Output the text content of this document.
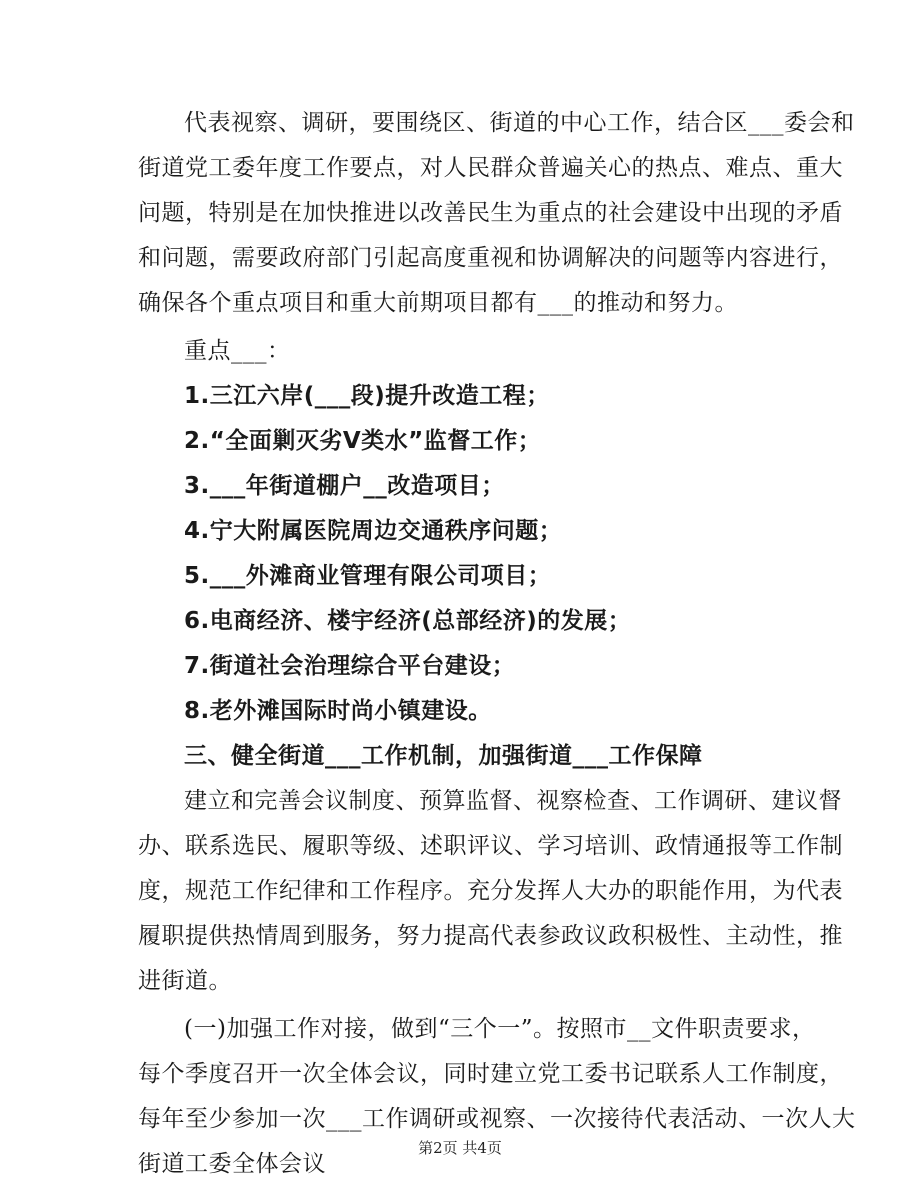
代表视察、调研，要围绕区、街道的中心工作，结合区___委会和
街道党工委年度工作要点，对人民群众普遍关心的热点、难点、重大
问题，特别是在加快推进以改善民生为重点的社会建设中出现的矛盾
和问题，需要政府部门引起高度重视和协调解决的问题等内容进行，
确保各个重点项目和重大前期项目都有___的推动和努力。
重点___：
1.三江六岸(___段)提升改造工程；
2.“全面剿灭劣V类水”监督工作；
3.___年街道棚户__改造项目；
4.宁大附属医院周边交通秩序问题；
5.___外滩商业管理有限公司项目；
6.电商经济、楼宇经济(总部经济)的发展；
7.街道社会治理综合平台建设；
8.老外滩国际时尚小镇建设。
三、健全街道___工作机制，加强街道___工作保障
建立和完善会议制度、预算监督、视察检查、工作调研、建议督
办、联系选民、履职等级、述职评议、学习培训、政情通报等工作制
度，规范工作纪律和工作程序。充分发挥人大办的职能作用，为代表
履职提供热情周到服务，努力提高代表参政议政积极性、主动性，推
进街道。
第2页 共4页
(一)加强工作对接，做到“三个一”。按照市__文件职责要求，
每个季度召开一次全体会议，同时建立党工委书记联系人工作制度，
每年至少参加一次___工作调研或视察、一次接待代表活动、一次人大
街道工委全体会议
